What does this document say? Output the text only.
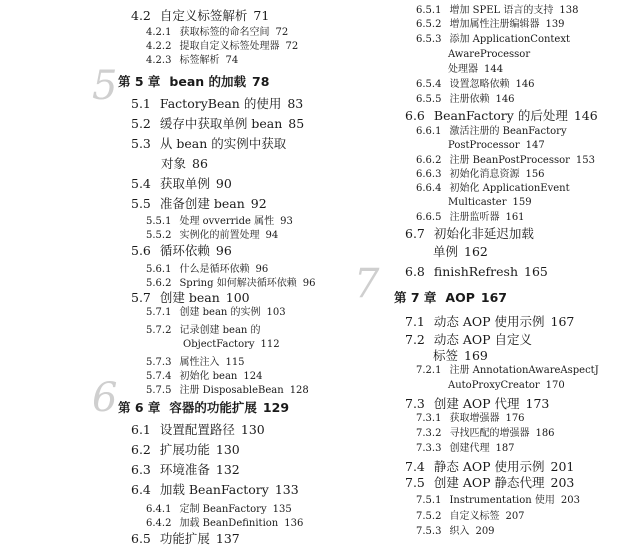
5
6
4.2 自定义标签解析 71
4.2.1 获取标签的命名空间 72
4.2.2 提取自定义标签处理器 72
4.2.3 标签解析 74
第 5 章 bean 的加载 78
5.1 FactoryBean 的使用 83
5.2 缓存中获取单例 bean 85
5.3 从 bean 的实例中获取
对象 86
5.4 获取单例 90
5.5 准备创建 bean 92
5.5.1 处理 ovverride 属性 93
5.5.2 实例化的前置处理 94
5.6 循环依赖 96
5.6.1 什么是循环依赖 96
5.6.2 Spring 如何解决循环依赖 96
5.7 创建 bean 100
5.7.1 创建 bean 的实例 103
5.7.2 记录创建 bean 的
ObjectFactory 112
5.7.3 属性注入 115
5.7.4 初始化 bean 124
5.7.5 注册 DisposableBean 128
第 6 章 容器的功能扩展 129
6.1 设置配置路径 130
6.2 扩展功能 130
6.3 环境准备 132
6.4 加载 BeanFactory 133
6.4.1 定制 BeanFactory 135
6.4.2 加载 BeanDefinition 136
6.5 功能扩展 137
7
6.5.1 增加 SPEL 语言的支持 138
6.5.2 增加属性注册编辑器 139
6.5.3 添加 ApplicationContext
AwareProcessor
处理器 144
6.5.4 设置忽略依赖 146
6.5.5 注册依赖 146
6.6 BeanFactory 的后处理 146
6.6.1 激活注册的 BeanFactory
PostProcessor 147
6.6.2 注册 BeanPostProcessor 153
6.6.3 初始化消息资源 156
6.6.4 初始化 ApplicationEvent
Multicaster 159
6.6.5 注册监听器 161
6.7 初始化非延迟加载
单例 162
6.8 finishRefresh 165
第 7 章 AOP 167
7.1 动态 AOP 使用示例 167
7.2 动态 AOP 自定义
标签 169
7.2.1 注册 AnnotationAwareAspectJ
AutoProxyCreator 170
7.3 创建 AOP 代理 173
7.3.1 获取增强器 176
7.3.2 寻找匹配的增强器 186
7.3.3 创建代理 187
7.4 静态 AOP 使用示例 201
7.5 创建 AOP 静态代理 203
7.5.1 Instrumentation 使用 203
7.5.2 自定义标签 207
7.5.3 织入 209
